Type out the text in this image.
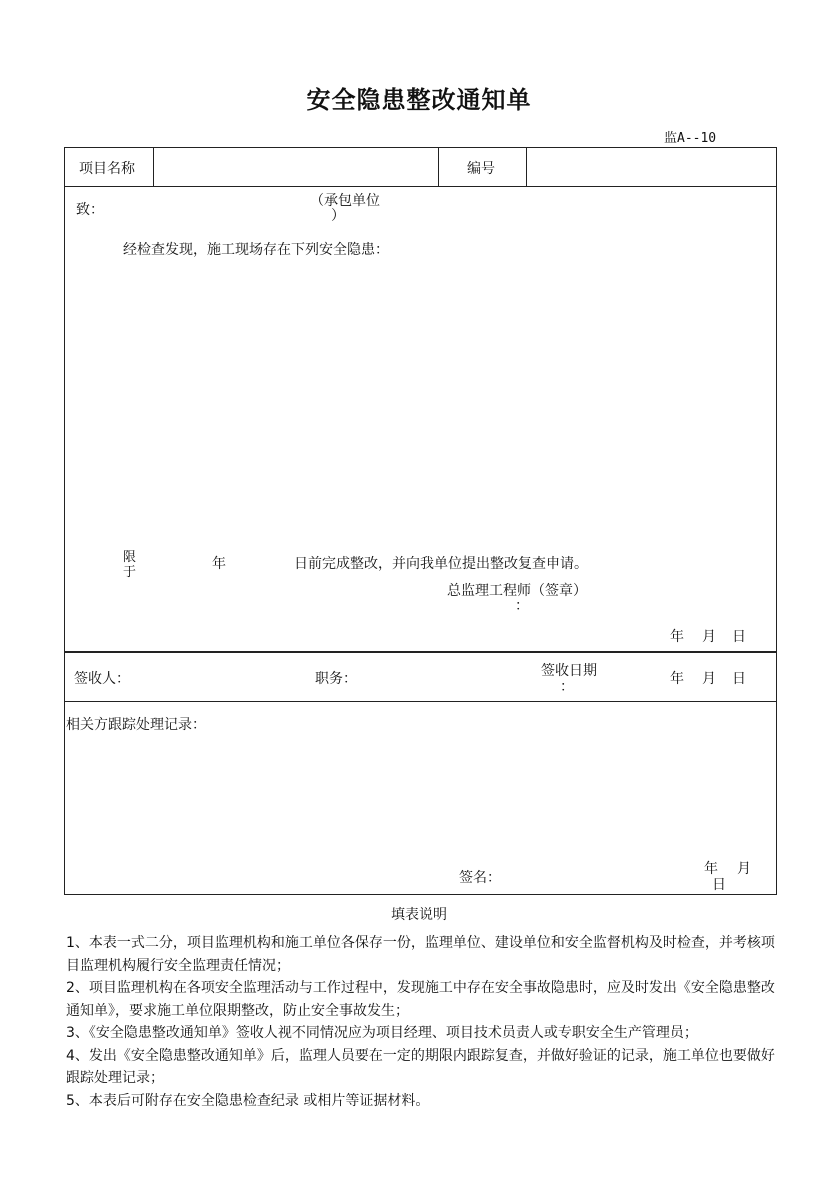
安全隐患整改通知单
监A--10
项目名称	编号
致：
（承包单位
）
经检查发现，施工现场存在下列安全隐患：
限
于
年	日前完成整改，并向我单位提出整改复查申请。
总监理工程师（签章）
：
年 月 日
签收人：	职务：	签收日期
：	年 月 日
相关方跟踪处理记录：
签名：
年 月
日
填表说明

1、本表一式二分，项目监理机构和施工单位各保存一份，监理单位、建设单位和安全监督机构及时检查，并考核项目监理机构履行安全监理责任情况；

2、项目监理机构在各项安全监理活动与工作过程中，发现施工中存在安全事故隐患时，应及时发出《安全隐患整改通知单》，要求施工单位限期整改，防止安全事故发生；

3、《安全隐患整改通知单》签收人视不同情况应为项目经理、项目技术员责人或专职安全生产管理员；

4、发出《安全隐患整改通知单》后，监理人员要在一定的期限内跟踪复查，并做好验证的记录，施工单位也要做好跟踪处理记录；

5、本表后可附存在安全隐患检查纪录 或相片等证据材料。
